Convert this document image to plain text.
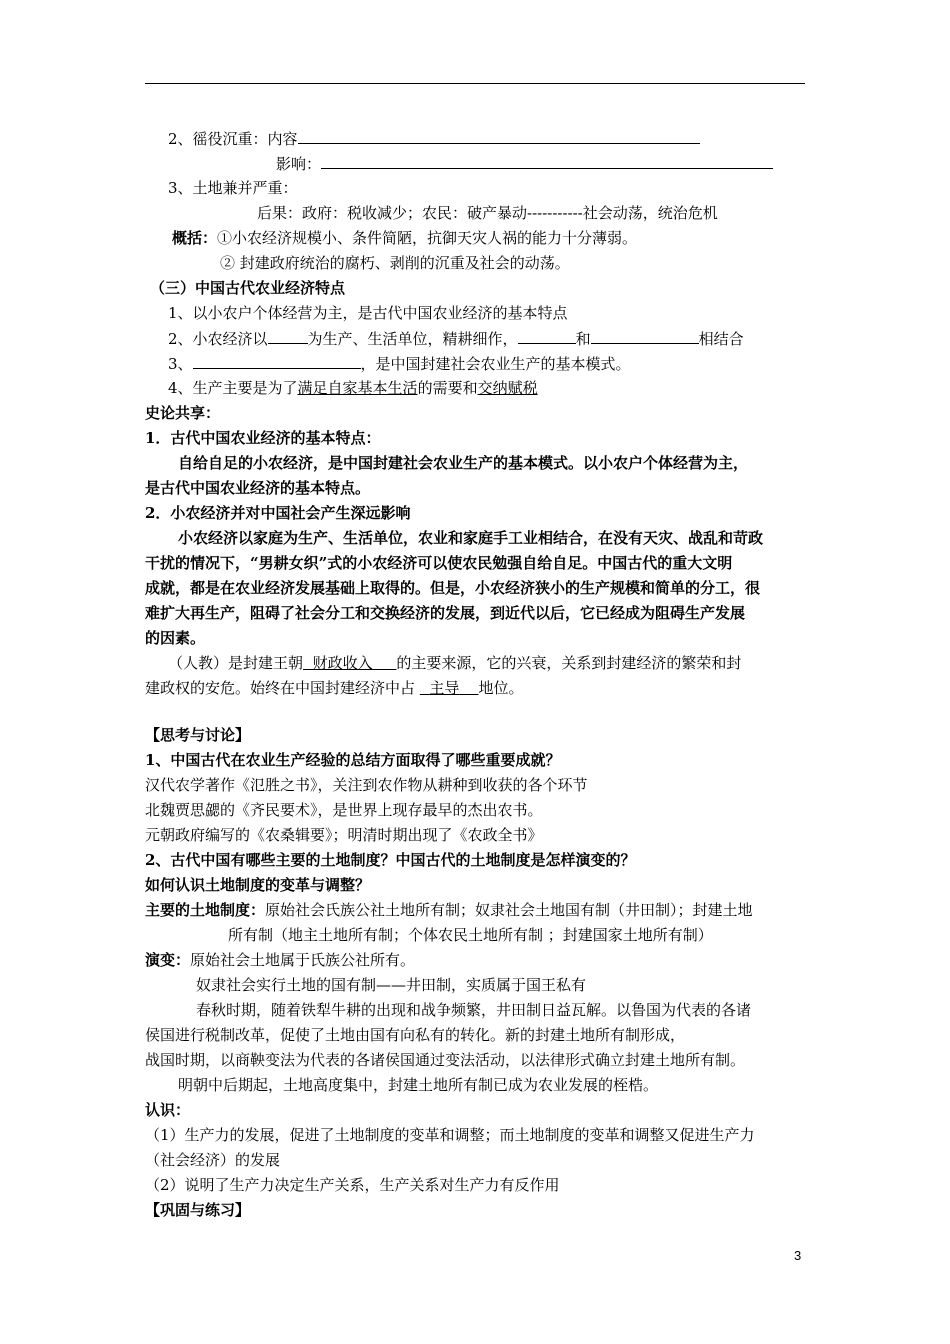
2、徭役沉重：内容
影响：
3、土地兼并严重：
后果：政府：税收减少；农民：破产暴动-----------社会动荡，统治危机
概括：①小农经济规模小、条件简陋，抗御天灾人祸的能力十分薄弱。
② 封建政府统治的腐朽、剥削的沉重及社会的动荡。
（三）中国古代农业经济特点
1、以小农户个体经营为主，是古代中国农业经济的基本特点
2、小农经济以	为生产、生活单位，精耕细作，	和	相结合
3、	，是中国封建社会农业生产的基本模式。
4、生产主要是为了满足自家基本生活的需要和交纳赋税
史论共享：
1．古代中国农业经济的基本特点：
自给自足的小农经济，是中国封建社会农业生产的基本模式。以小农户个体经营为主，
是古代中国农业经济的基本特点。
2．小农经济并对中国社会产生深远影响
小农经济以家庭为生产、生活单位，农业和家庭手工业相结合，在没有天灾、战乱和苛政
干扰的情况下，“男耕女织”式的小农经济可以使农民勉强自给自足。中国古代的重大文明
成就，都是在农业经济发展基础上取得的。但是，小农经济狭小的生产规模和简单的分工，很
难扩大再生产，阻碍了社会分工和交换经济的发展，到近代以后，它已经成为阻碍生产发展
的因素。
（人教）是封建王朝 财政收入 的主要来源，它的兴衰，关系到封建经济的繁荣和封
建政权的安危。始终在中国封建经济中占 主导 地位。
【思考与讨论】
1、中国古代在农业生产经验的总结方面取得了哪些重要成就？
汉代农学著作《氾胜之书》，关注到农作物从耕种到收获的各个环节
北魏贾思勰的《齐民要术》，是世界上现存最早的杰出农书。
元朝政府编写的《农桑辑要》；明清时期出现了《农政全书》
2、古代中国有哪些主要的土地制度？中国古代的土地制度是怎样演变的？
如何认识土地制度的变革与调整？
主要的土地制度：原始社会氏族公社土地所有制；奴隶社会土地国有制（井田制）；封建土地
所有制（地主土地所有制；个体农民土地所有制 ；封建国家土地所有制）
演变：原始社会土地属于氏族公社所有。
奴隶社会实行土地的国有制——井田制，实质属于国王私有
春秋时期，随着铁犁牛耕的出现和战争频繁，井田制日益瓦解。以鲁国为代表的各诸
侯国进行税制改革，促使了土地由国有向私有的转化。新的封建土地所有制形成，
战国时期，以商鞅变法为代表的各诸侯国通过变法活动，以法律形式确立封建土地所有制。
明朝中后期起，土地高度集中，封建土地所有制已成为农业发展的桎梏。
认识：
（1）生产力的发展，促进了土地制度的变革和调整；而土地制度的变革和调整又促进生产力
（社会经济）的发展
（2）说明了生产力决定生产关系，生产关系对生产力有反作用
【巩固与练习】
3
